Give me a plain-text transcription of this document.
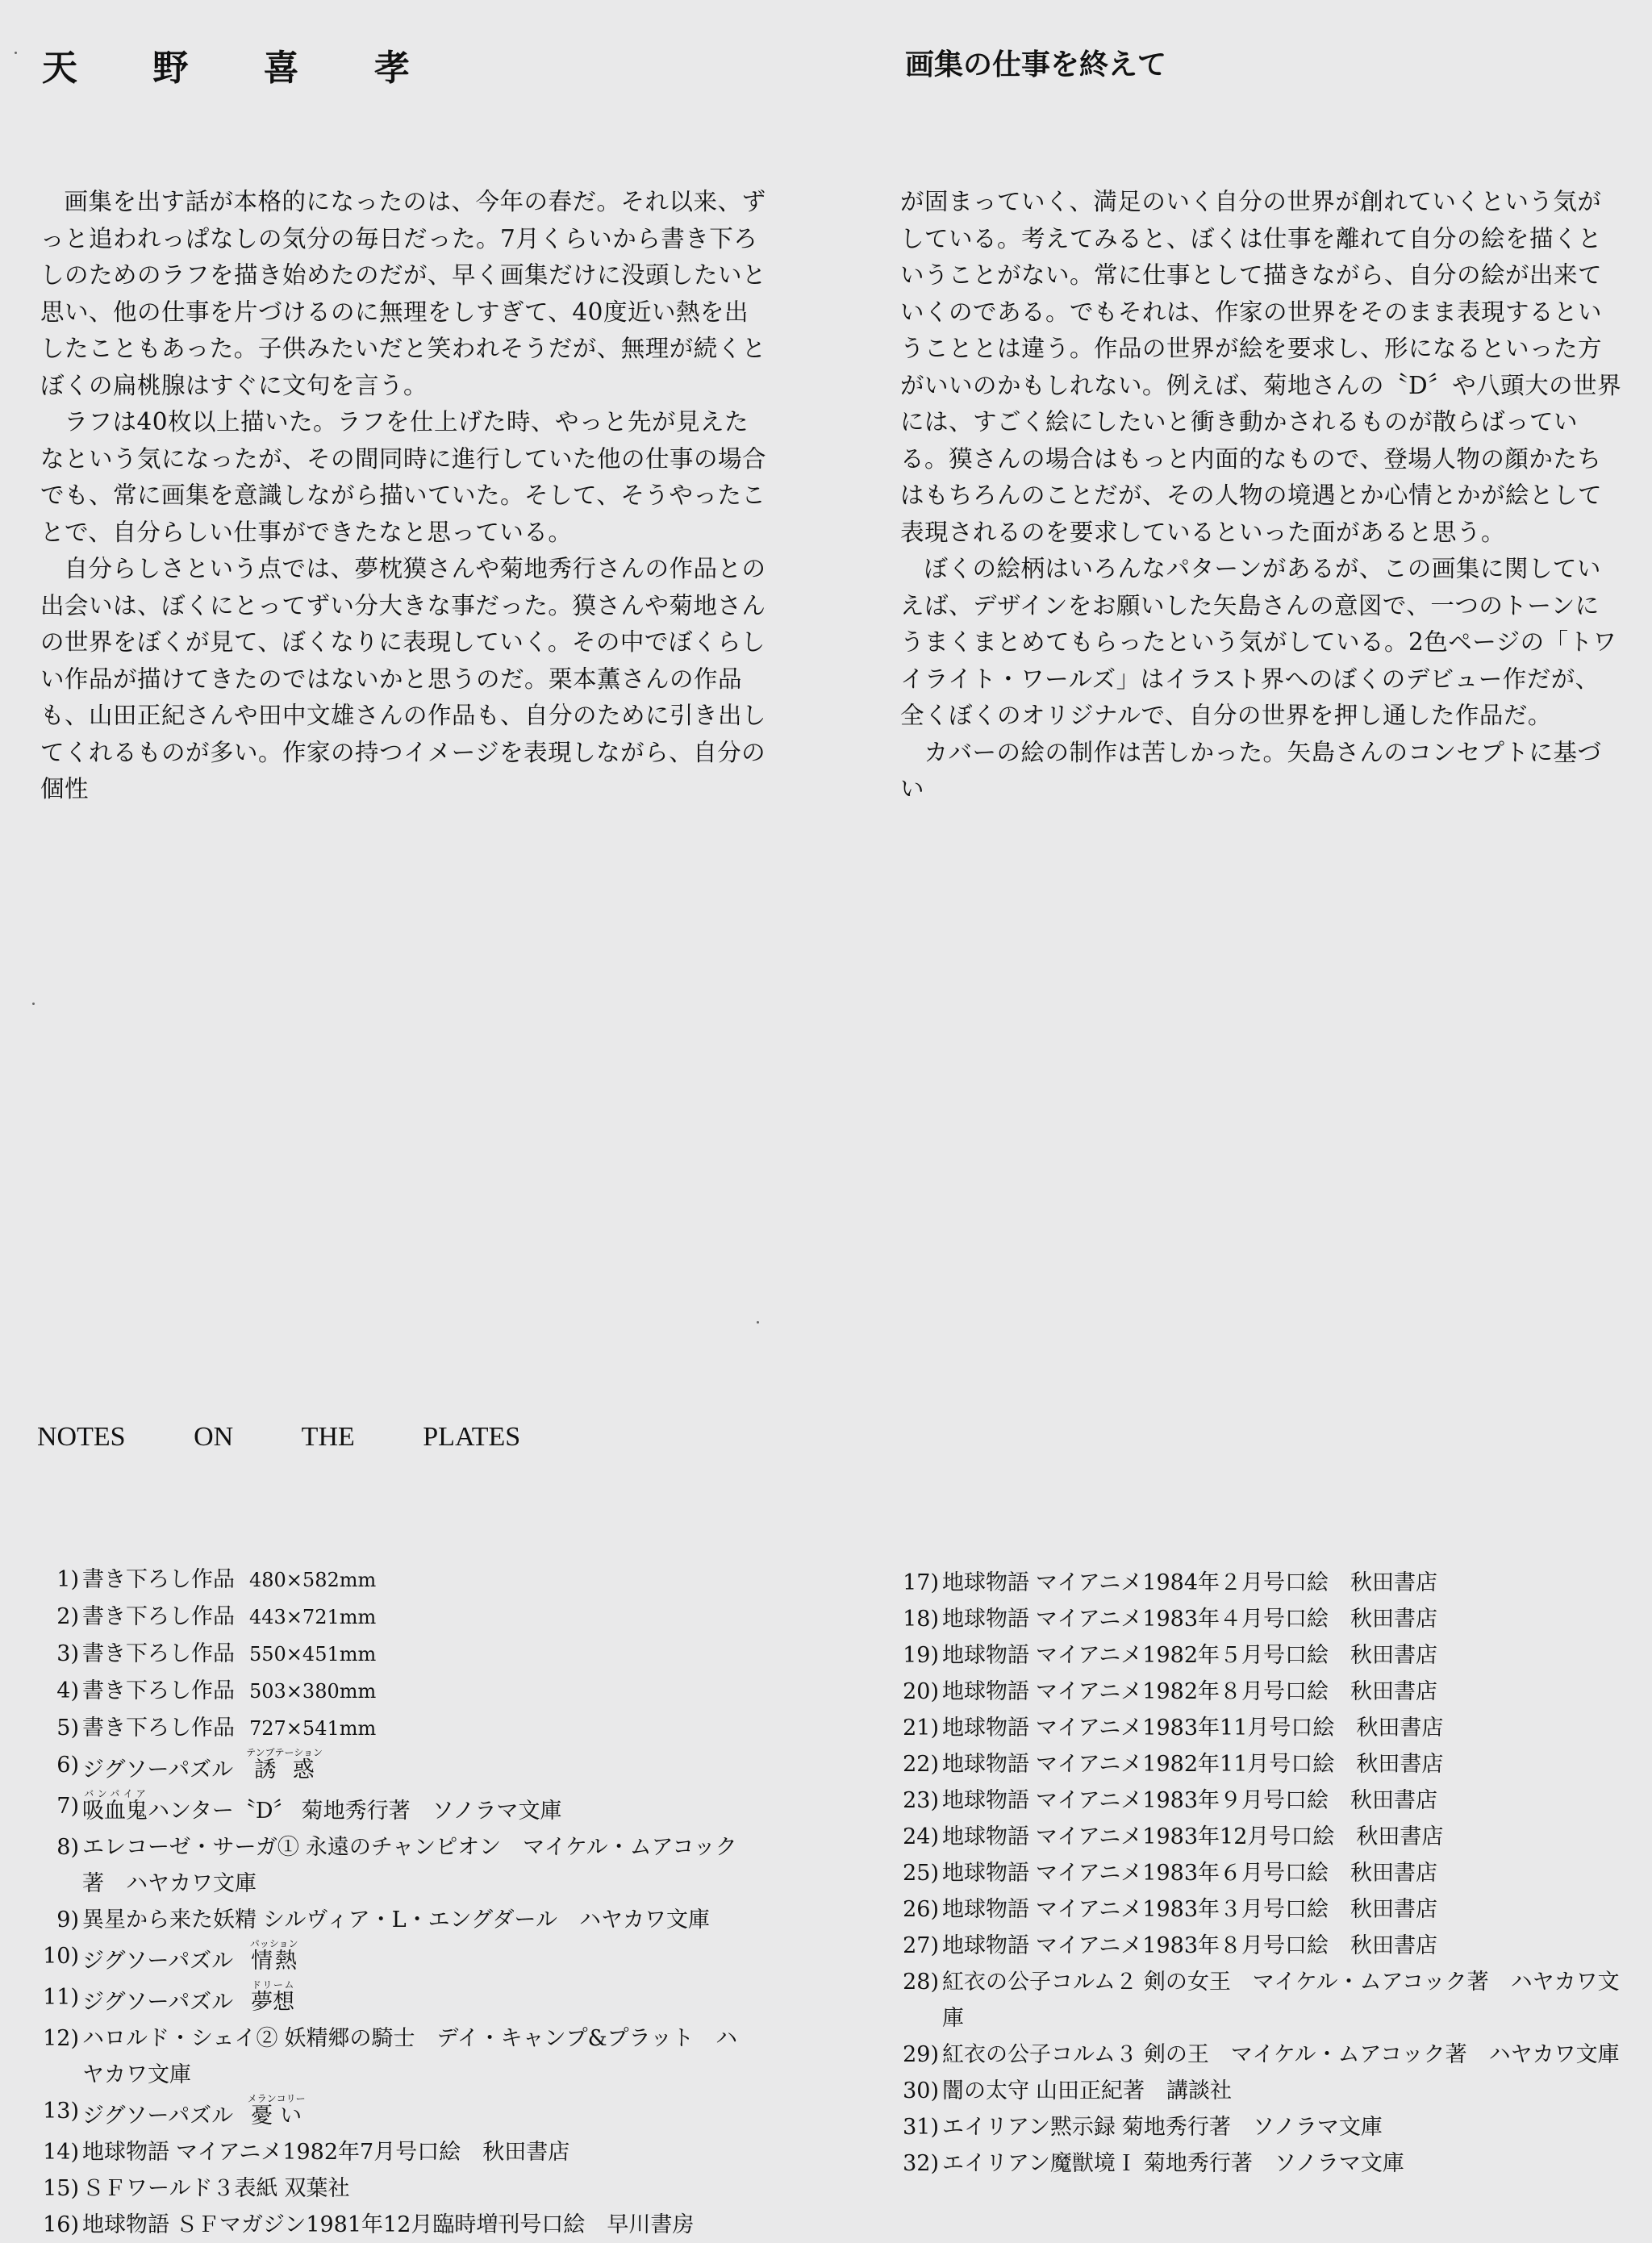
天 野 喜 孝	画集の仕事を終えて

画集を出す話が本格的になったのは、今年の春だ。それ以来、ずっと追われっぱなしの気分の毎日だった。7月くらいから書き下ろしのためのラフを描き始めたのだが、早く画集だけに没頭したいと思い、他の仕事を片づけるのに無理をしすぎて、40度近い熱を出したこともあった。子供みたいだと笑われそうだが、無理が続くとぼくの扁桃腺はすぐに文句を言う。

ラフは40枚以上描いた。ラフを仕上げた時、やっと先が見えたなという気になったが、その間同時に進行していた他の仕事の場合でも、常に画集を意識しながら描いていた。そして、そうやったことで、自分らしい仕事ができたなと思っている。

自分らしさという点では、夢枕獏さんや菊地秀行さんの作品との出会いは、ぼくにとってずい分大きな事だった。獏さんや菊地さんの世界をぼくが見て、ぼくなりに表現していく。その中でぼくらしい作品が描けてきたのではないかと思うのだ。栗本薫さんの作品も、山田正紀さんや田中文雄さんの作品も、自分のために引き出してくれるものが多い。作家の持つイメージを表現しながら、自分の個性

が固まっていく、満足のいく自分の世界が創れていくという気がしている。考えてみると、ぼくは仕事を離れて自分の絵を描くということがない。常に仕事として描きながら、自分の絵が出来ていくのである。でもそれは、作家の世界をそのまま表現するということとは違う。作品の世界が絵を要求し、形になるといった方がいいのかもしれない。例えば、菊地さんの〝D〞や八頭大の世界には、すごく絵にしたいと衝き動かされるものが散らばっている。獏さんの場合はもっと内面的なもので、登場人物の顔かたちはもちろんのことだが、その人物の境遇とか心情とかが絵として表現されるのを要求しているといった面があると思う。

ぼくの絵柄はいろんなパターンがあるが、この画集に関していえば、デザインをお願いした矢島さんの意図で、一つのトーンにうまくまとめてもらったという気がしている。2色ページの「トワイライト・ワールズ」はイラスト界へのぼくのデビュー作だが、全くぼくのオリジナルで、自分の世界を押し通した作品だ。

カバーの絵の制作は苦しかった。矢島さんのコンセプトに基づい

NOTES ON THE PLATES
1 ) 書き下ろし作品 480×582mm
2 ) 書き下ろし作品 443×721mm
3 ) 書き下ろし作品 550×451mm
4 ) 書き下ろし作品 503×380mm
5 ) 書き下ろし作品 727×541mm
6 ) ジグソーパズル 誘惑テンプテーション
7 ) 吸血鬼バンパイアハンター〝D〞 菊地秀行著　ソノラマ文庫
8 ) エレコーゼ・サーガ① 永遠のチャンピオン　マイケル・ムアコック著　ハヤカワ文庫
9 ) 異星から来た妖精 シルヴィア・L・エングダール　ハヤカワ文庫
10 ) ジグソーパズル 情熱パッション
11 ) ジグソーパズル 夢想ドリーム
12 ) ハロルド・シェイ② 妖精郷の騎士　デイ・キャンプ&プラット　ハヤカワ文庫
13 ) ジグソーパズル 憂いメランコリー
14 ) 地球物語 マイアニメ1982年7月号口絵　秋田書店
15 ) ＳＦワールド３表紙 双葉社
16 ) 地球物語 ＳＦマガジン1981年12月臨時増刊号口絵　早川書房
17 ) 地球物語 マイアニメ1984年２月号口絵　秋田書店
18 ) 地球物語 マイアニメ1983年４月号口絵　秋田書店
19 ) 地球物語 マイアニメ1982年５月号口絵　秋田書店
20 ) 地球物語 マイアニメ1982年８月号口絵　秋田書店
21 ) 地球物語 マイアニメ1983年11月号口絵　秋田書店
22 ) 地球物語 マイアニメ1982年11月号口絵　秋田書店
23 ) 地球物語 マイアニメ1983年９月号口絵　秋田書店
24 ) 地球物語 マイアニメ1983年12月号口絵　秋田書店
25 ) 地球物語 マイアニメ1983年６月号口絵　秋田書店
26 ) 地球物語 マイアニメ1983年３月号口絵　秋田書店
27 ) 地球物語 マイアニメ1983年８月号口絵　秋田書店
28 ) 紅衣の公子コルム２ 剣の女王　マイケル・ムアコック著　ハヤカワ文庫
29 ) 紅衣の公子コルム３ 剣の王　マイケル・ムアコック著　ハヤカワ文庫
30 ) 闇の太守 山田正紀著　講談社
31 ) エイリアン黙示録 菊地秀行著　ソノラマ文庫
32 ) エイリアン魔獣境Ｉ 菊地秀行著　ソノラマ文庫
